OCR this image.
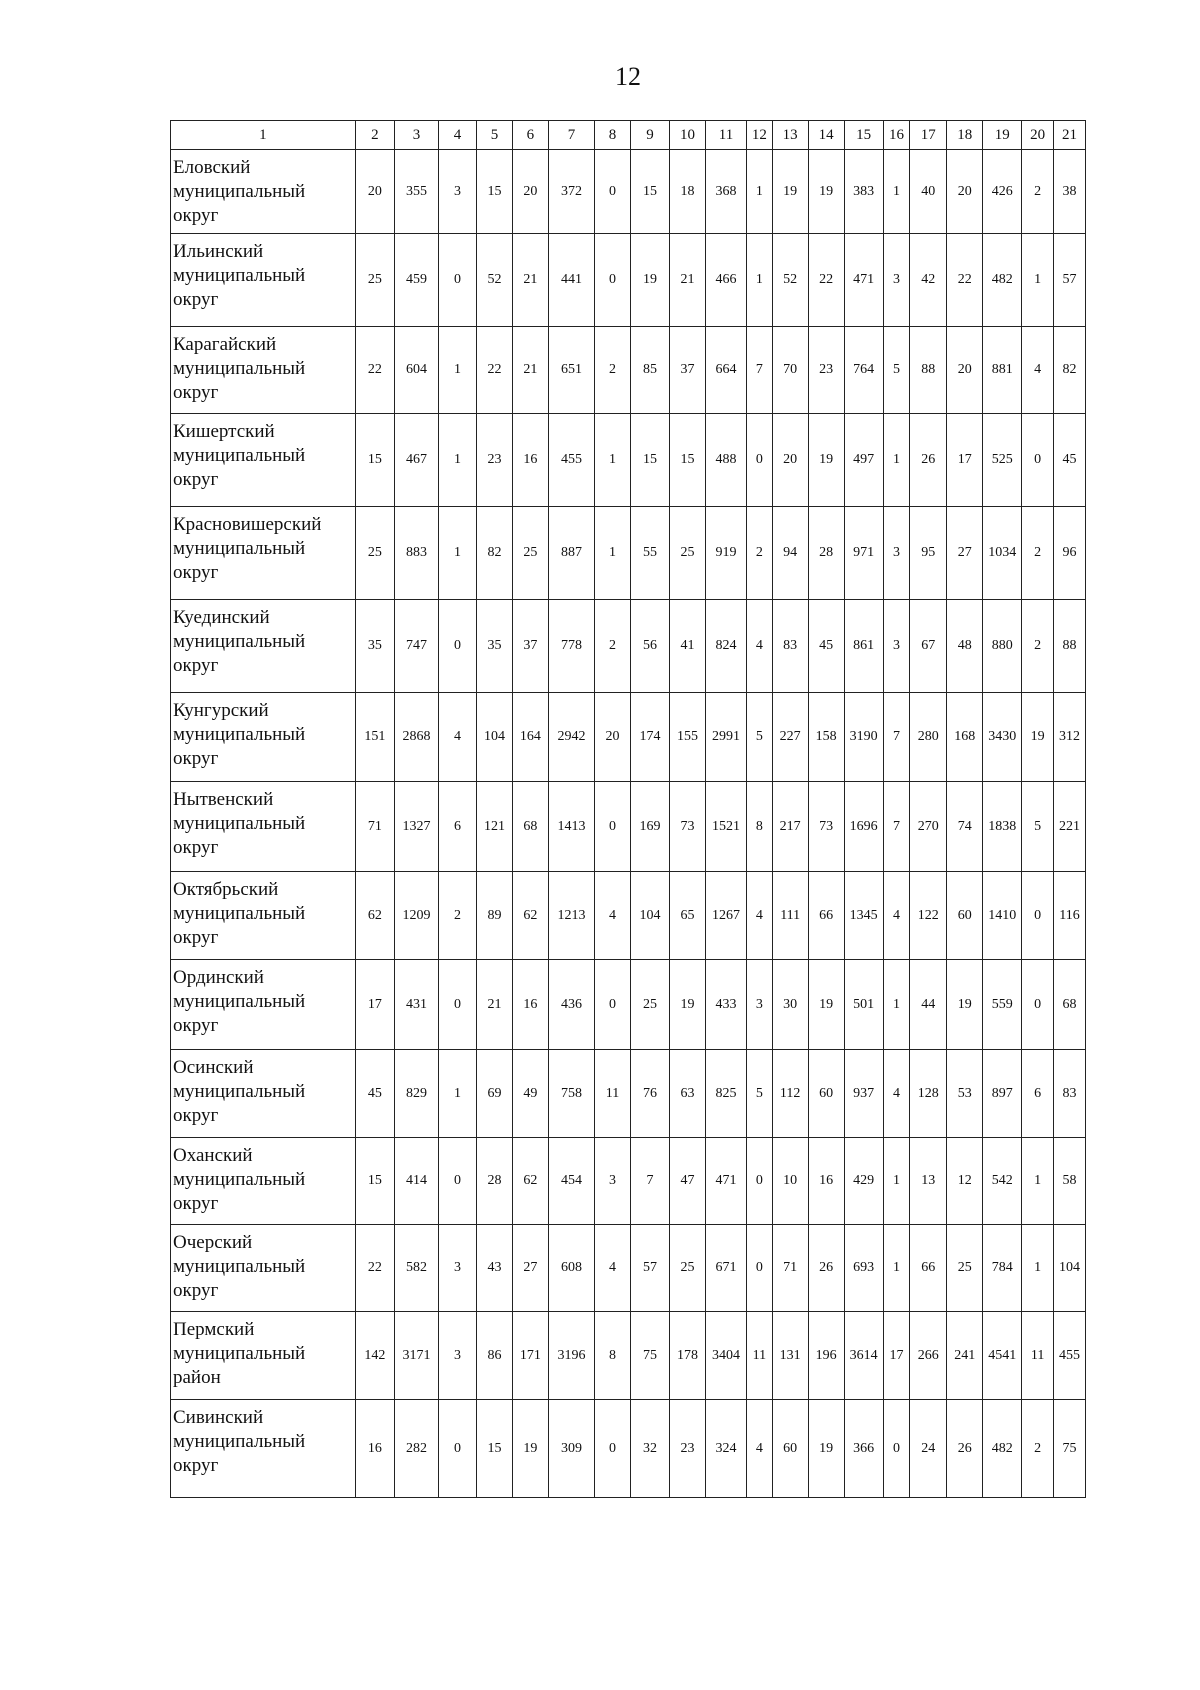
12
1	2	3	4	5	6	7	8	9	10	11	12	13	14	15	16	17	18	19	20	21

Еловский
муниципальный
округ	20	355	3	15	20	372	0	15	18	368	1	19	19	383	1	40	20	426	2	38

Ильинский
муниципальный
округ	25	459	0	52	21	441	0	19	21	466	1	52	22	471	3	42	22	482	1	57

Карагайский
муниципальный
округ	22	604	1	22	21	651	2	85	37	664	7	70	23	764	5	88	20	881	4	82

Кишертский
муниципальный
округ	15	467	1	23	16	455	1	15	15	488	0	20	19	497	1	26	17	525	0	45

Красновишерский
муниципальный
округ	25	883	1	82	25	887	1	55	25	919	2	94	28	971	3	95	27	1034	2	96

Куединский
муниципальный
округ	35	747	0	35	37	778	2	56	41	824	4	83	45	861	3	67	48	880	2	88

Кунгурский
муниципальный
округ	151	2868	4	104	164	2942	20	174	155	2991	5	227	158	3190	7	280	168	3430	19	312

Нытвенский
муниципальный
округ	71	1327	6	121	68	1413	0	169	73	1521	8	217	73	1696	7	270	74	1838	5	221

Октябрьский
муниципальный
округ	62	1209	2	89	62	1213	4	104	65	1267	4	111	66	1345	4	122	60	1410	0	116

Ординский
муниципальный
округ	17	431	0	21	16	436	0	25	19	433	3	30	19	501	1	44	19	559	0	68

Осинский
муниципальный
округ	45	829	1	69	49	758	11	76	63	825	5	112	60	937	4	128	53	897	6	83

Оханский
муниципальный
округ	15	414	0	28	62	454	3	7	47	471	0	10	16	429	1	13	12	542	1	58

Очерский
муниципальный
округ	22	582	3	43	27	608	4	57	25	671	0	71	26	693	1	66	25	784	1	104

Пермский
муниципальный
район	142	3171	3	86	171	3196	8	75	178	3404	11	131	196	3614	17	266	241	4541	11	455

Сивинский
муниципальный
округ	16	282	0	15	19	309	0	32	23	324	4	60	19	366	0	24	26	482	2	75
